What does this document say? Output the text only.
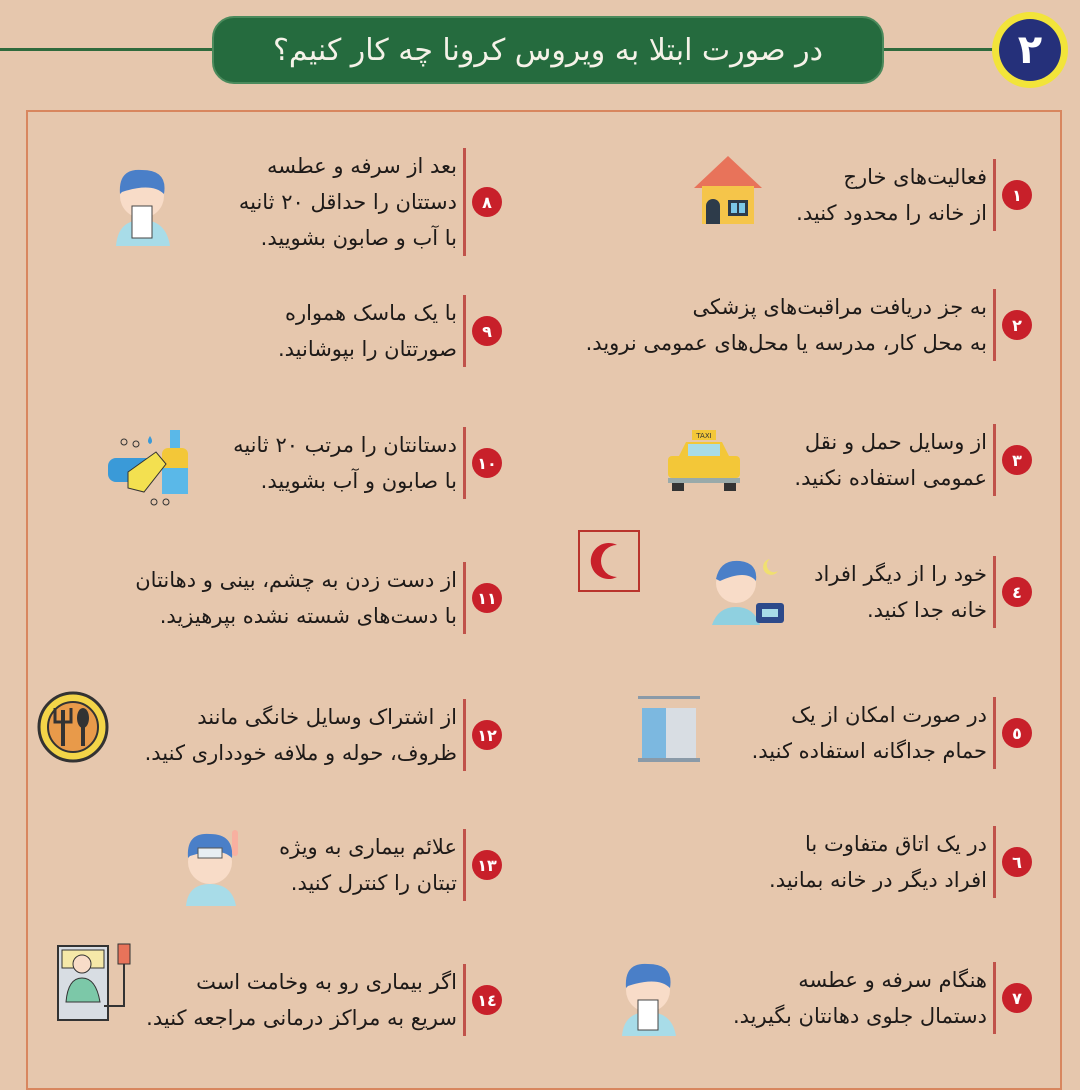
در صورت ابتلا به ویروس کرونا چه کار کنیم؟	۲
۱
فعالیت‌های خارج
از خانه را محدود کنید.
۲
به جز دریافت مراقبت‌های پزشکی
به محل کار، مدرسه یا محل‌های عمومی نروید.
۳
از وسایل حمل و نقل
عمومی استفاده نکنید.
٤
خود را از دیگر افراد
خانه جدا کنید.
٥
در صورت امکان از یک
حمام جداگانه استفاده کنید.
٦
در یک اتاق متفاوت با
افراد دیگر در خانه بمانید.
۷
هنگام سرفه و عطسه
دستمال جلوی دهانتان بگیرید.
۸
بعد از سرفه و عطسه
دستتان را حداقل ۲۰ ثانیه
با آب و صابون بشویید.
۹
با یک ماسک همواره
صورتتان را بپوشانید.
۱۰
دستانتان را مرتب ۲۰ ثانیه
با صابون و آب بشویید.
۱۱
از دست زدن به چشم، بینی و دهانتان
با دست‌های شسته نشده بپرهیزید.
۱۲
از اشتراک وسایل خانگی مانند
ظروف، حوله و ملافه خودداری کنید.
۱۳
علائم بیماری به ویژه
تبتان را کنترل کنید.
١٤
اگر بیماری رو به وخامت است
سریع به مراکز درمانی مراجعه کنید.
TAXI
